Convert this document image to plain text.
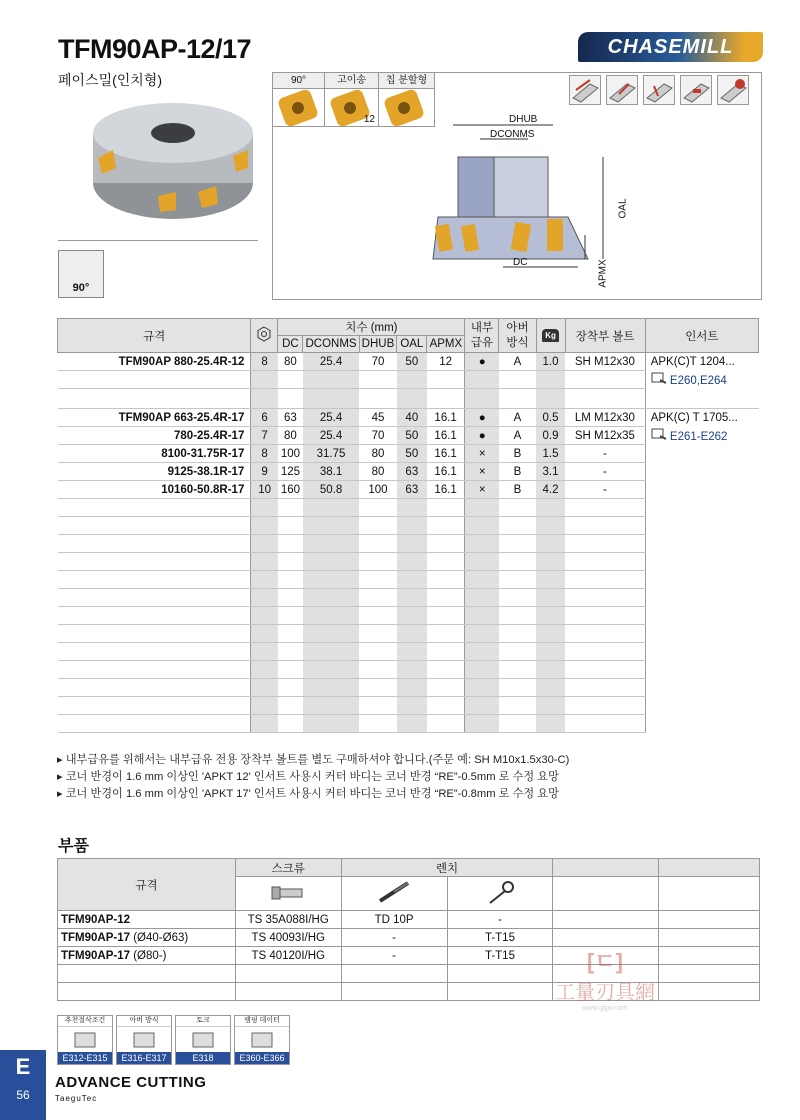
TFM90AP-12/17
페이스밀(인치형)
CHASEMILL
90°
90°	고이송	칩 분할형
12	DHUB
DCONMS
OAL
DC	APMX
규격		치수 (mm)					내부
급유	아버
방식	Kg	장착부 볼트	인서트
		DC	DCONMS	DHUB	OAL	APMX					
TFM90AP 880-25.4R-12	8	80	25.4	70	50	12	●	A	1.0	SH M12x30	APK(C)T 1204...
											E260,E264

TFM90AP 663-25.4R-17	6	63	25.4	45	40	16.1	●	A	0.5	LM M12x30	APK(C) T 1705...
780-25.4R-17	7	80	25.4	70	50	16.1	●	A	0.9	SH M12x35	E261-E262
8100-31.75R-17	8	100	31.75	80	50	16.1	×	B	1.5	-	
9125-38.1R-17	9	125	38.1	80	63	16.1	×	B	3.1	-	
10160-50.8R-17	10	160	50.8	100	63	16.1	×	B	4.2	-	

▸ 내부급유를 위해서는 내부급유 전용 장착부 볼트를 별도 구매하셔야 합니다.(주문 예: SH M10x1.5x30-C)
▸ 코너 반경이 1.6 mm 이상인 'APKT 12' 인서트 사용시 커터 바디는 코너 반경 “RE”-0.5mm 로 수정 요망
▸ 코너 반경이 1.6 mm 이상인 'APKT 17' 인서트 사용시 커터 바디는 코너 반경 “RE”-0.8mm 로 수정 요망
부품
규격	스크류	렌치			

TFM90AP-12	TS 35A088I/HG	TD 10P	-		
TFM90AP-17 (Ø40-Ø63)	TS 40093I/HG	-	T-T15		
TFM90AP-17 (Ø80-)	TS 40120I/HG	-	T-T15		

						[ㄷ]
工量刃具網
www.gljjw.com
추천절삭조건
E312-E315
아버 방식
E316-E317
토크
E318
램핑 데이터
E360-E366
E
56
ADVANCE CUTTING
TaeguTec
